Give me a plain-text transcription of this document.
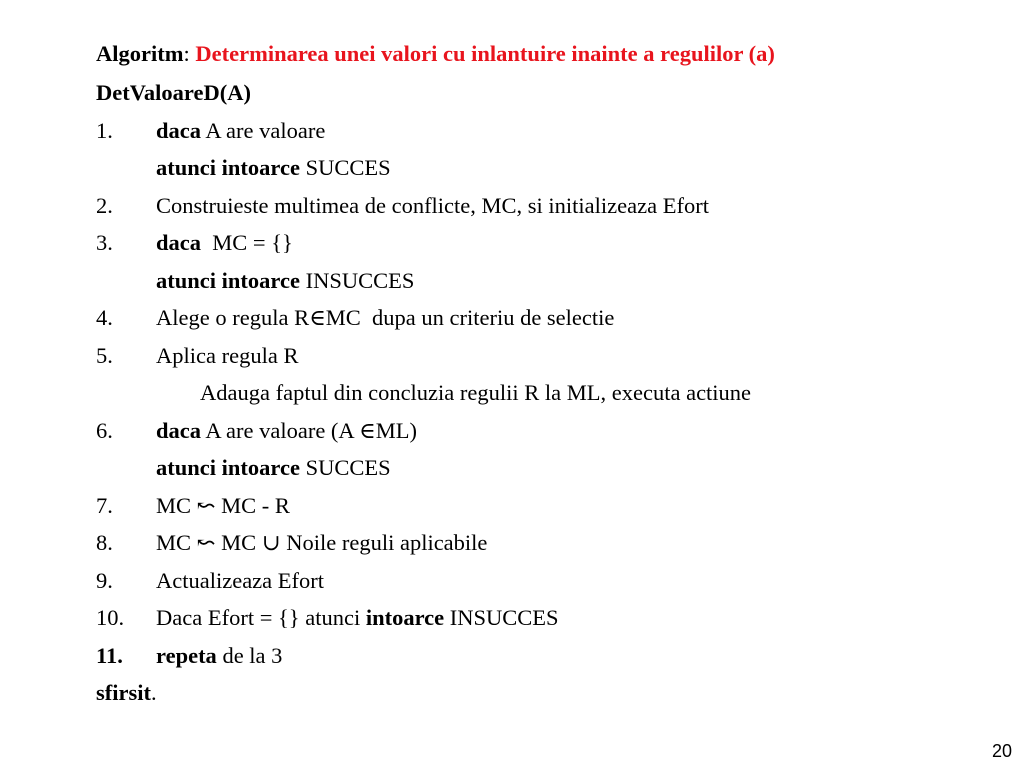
Algoritm: Determinarea unei valori cu inlantuire inainte a regulilor (a)
DetValoareD(A)
1. daca A are valoare
atunci intoarce SUCCES
2. Construieste multimea de conflicte, MC, si initializeaza Efort
3. daca  MC = {}
atunci intoarce INSUCCES
4. Alege o regula R∈MC  dupa un criteriu de selectie
5. Aplica regula R
Adauga faptul din concluzia regulii R la ML, executa actiune
6. daca A are valoare (A ∈ML)
atunci intoarce SUCCES
7. MC ↜ MC - R
8. MC ↜ MC ∪ Noile reguli aplicabile
9. Actualizeaza Efort
10. Daca Efort = {} atunci intoarce INSUCCES
11. repeta de la 3
sfirsit.
20
